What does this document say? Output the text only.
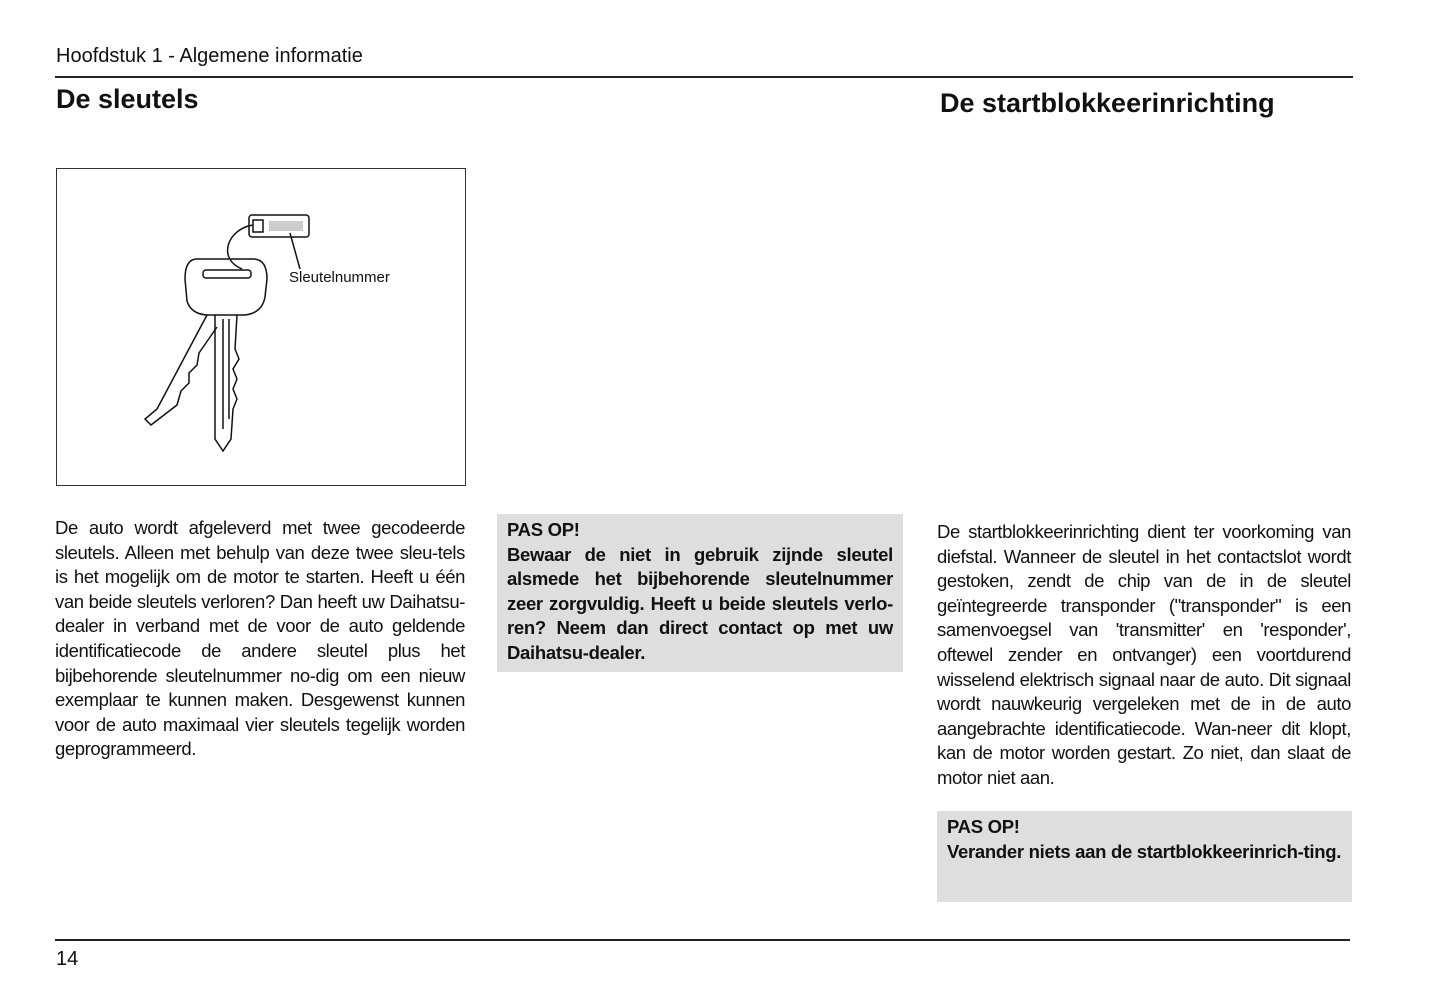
Hoofdstuk 1 - Algemene informatie
De sleutels	De startblokkeerinrichting
Sleutelnummer
De auto wordt afgeleverd met twee gecodeerde sleutels. Alleen met behulp van deze twee sleu-tels is het mogelijk om de motor te starten. Heeft u één van beide sleutels verloren? Dan heeft uw Daihatsu-dealer in verband met de voor de auto geldende identificatiecode de andere sleutel plus het bijbehorende sleutelnummer no-dig om een nieuw exemplaar te kunnen maken. Desgewenst kunnen voor de auto maximaal vier sleutels tegelijk worden geprogrammeerd.
PAS OP!
Bewaar de niet in gebruik zijnde sleutel alsmede het bijbehorende sleutelnummer zeer zorgvuldig. Heeft u beide sleutels verlo-ren? Neem dan direct contact op met uw Daihatsu-dealer.
De startblokkeerinrichting dient ter voorkoming van diefstal. Wanneer de sleutel in het contactslot wordt gestoken, zendt de chip van de in de sleutel geïntegreerde transponder ("transponder" is een samenvoegsel van 'transmitter' en 'responder', oftewel zender en ontvanger) een voortdurend wisselend elektrisch signaal naar de auto. Dit signaal wordt nauwkeurig vergeleken met de in de auto aangebrachte identificatiecode. Wan-neer dit klopt, kan de motor worden gestart. Zo niet, dan slaat de motor niet aan.
PAS OP!
Verander niets aan de startblokkeerinrich-ting.
14
